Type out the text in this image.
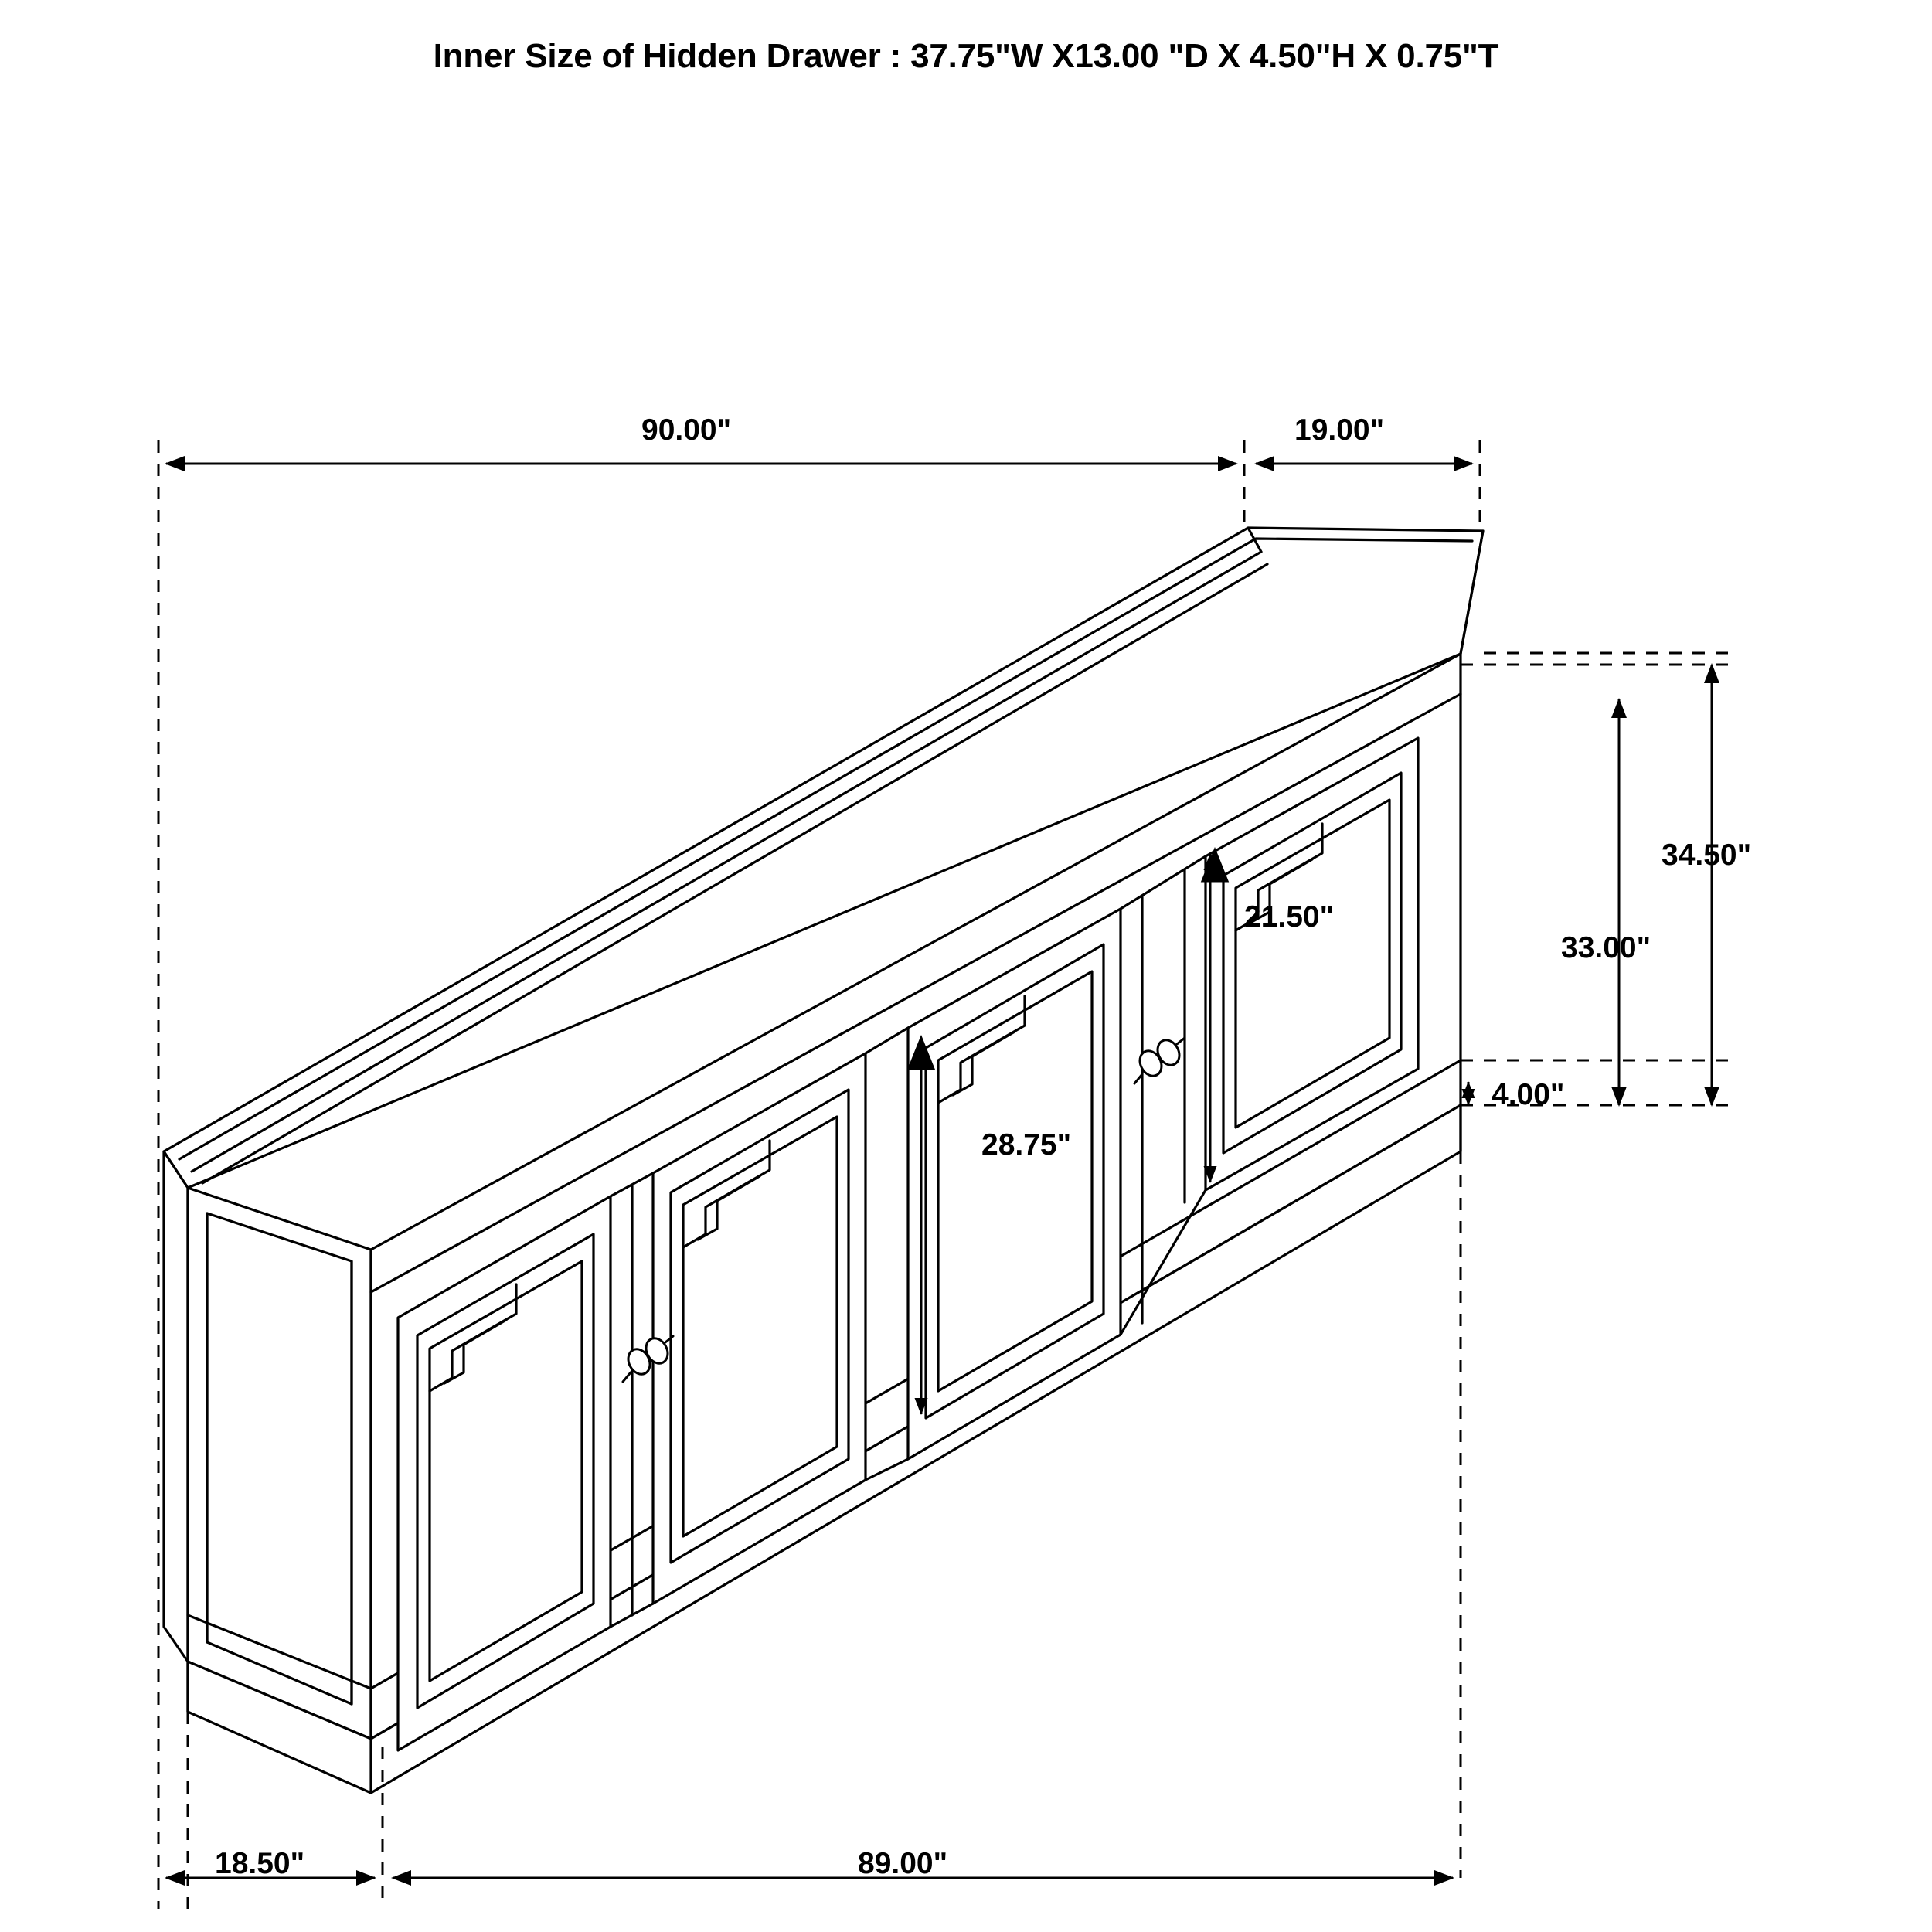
Inner Size of Hidden Drawer : 37.75"W X13.00 "D X 4.50"H X 0.75"T
90.00"	19.00"
34.50"
33.00"
4.00"
21.50"
28.75"
18.50"	89.00"
